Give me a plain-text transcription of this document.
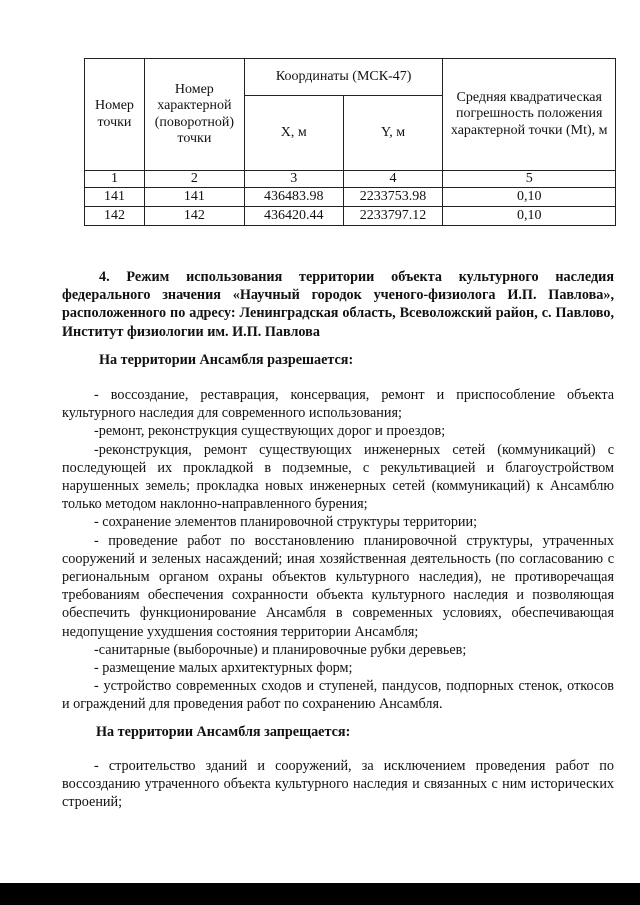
Номер точки	Номер характерной (поворотной) точки	Координаты (МСК-47)		Средняя квадратическая погрешность положения характерной точки (Mt), м
		X, м	Y, м	
1	2	3	4	5
141	141	436483.98	2233753.98	0,10
142	142	436420.44	2233797.12	0,10
4. Режим использования территории объекта культурного наследия федерального значения «Научный городок ученого-физиолога И.П. Павлова», расположенного по адресу: Ленинградская область, Всеволожский район, с. Павлово, Институт физиологии им. И.П. Павлова
На территории Ансамбля разрешается:

- воссоздание, реставрация, консервация, ремонт и приспособление объекта культурного наследия для современного использования;

-ремонт, реконструкция существующих дорог и проездов;

-реконструкция, ремонт существующих инженерных сетей (коммуникаций) с последующей их прокладкой в подземные, с рекультивацией и благоустройством нарушенных земель; прокладка новых инженерных сетей (коммуникаций) к Ансамблю только методом наклонно-направленного бурения;

- сохранение элементов планировочной структуры территории;

- проведение работ по восстановлению планировочной структуры, утраченных сооружений и зеленых насаждений; иная хозяйственная деятельность (по согласованию с региональным органом охраны объектов культурного наследия), не противоречащая требованиям обеспечения сохранности объекта культурного наследия и позволяющая обеспечить функционирование Ансамбля в современных условиях, обеспечивающая недопущение ухудшения состояния территории Ансамбля;

-санитарные (выборочные) и планировочные рубки деревьев;

- размещение малых архитектурных форм;

- устройство современных сходов и ступеней, пандусов, подпорных стенок, откосов и ограждений для проведения работ по сохранению Ансамбля.

На территории Ансамбля запрещается:

- строительство зданий и сооружений, за исключением проведения работ по воссозданию утраченного объекта культурного наследия и связанных с ним исторических строений;
